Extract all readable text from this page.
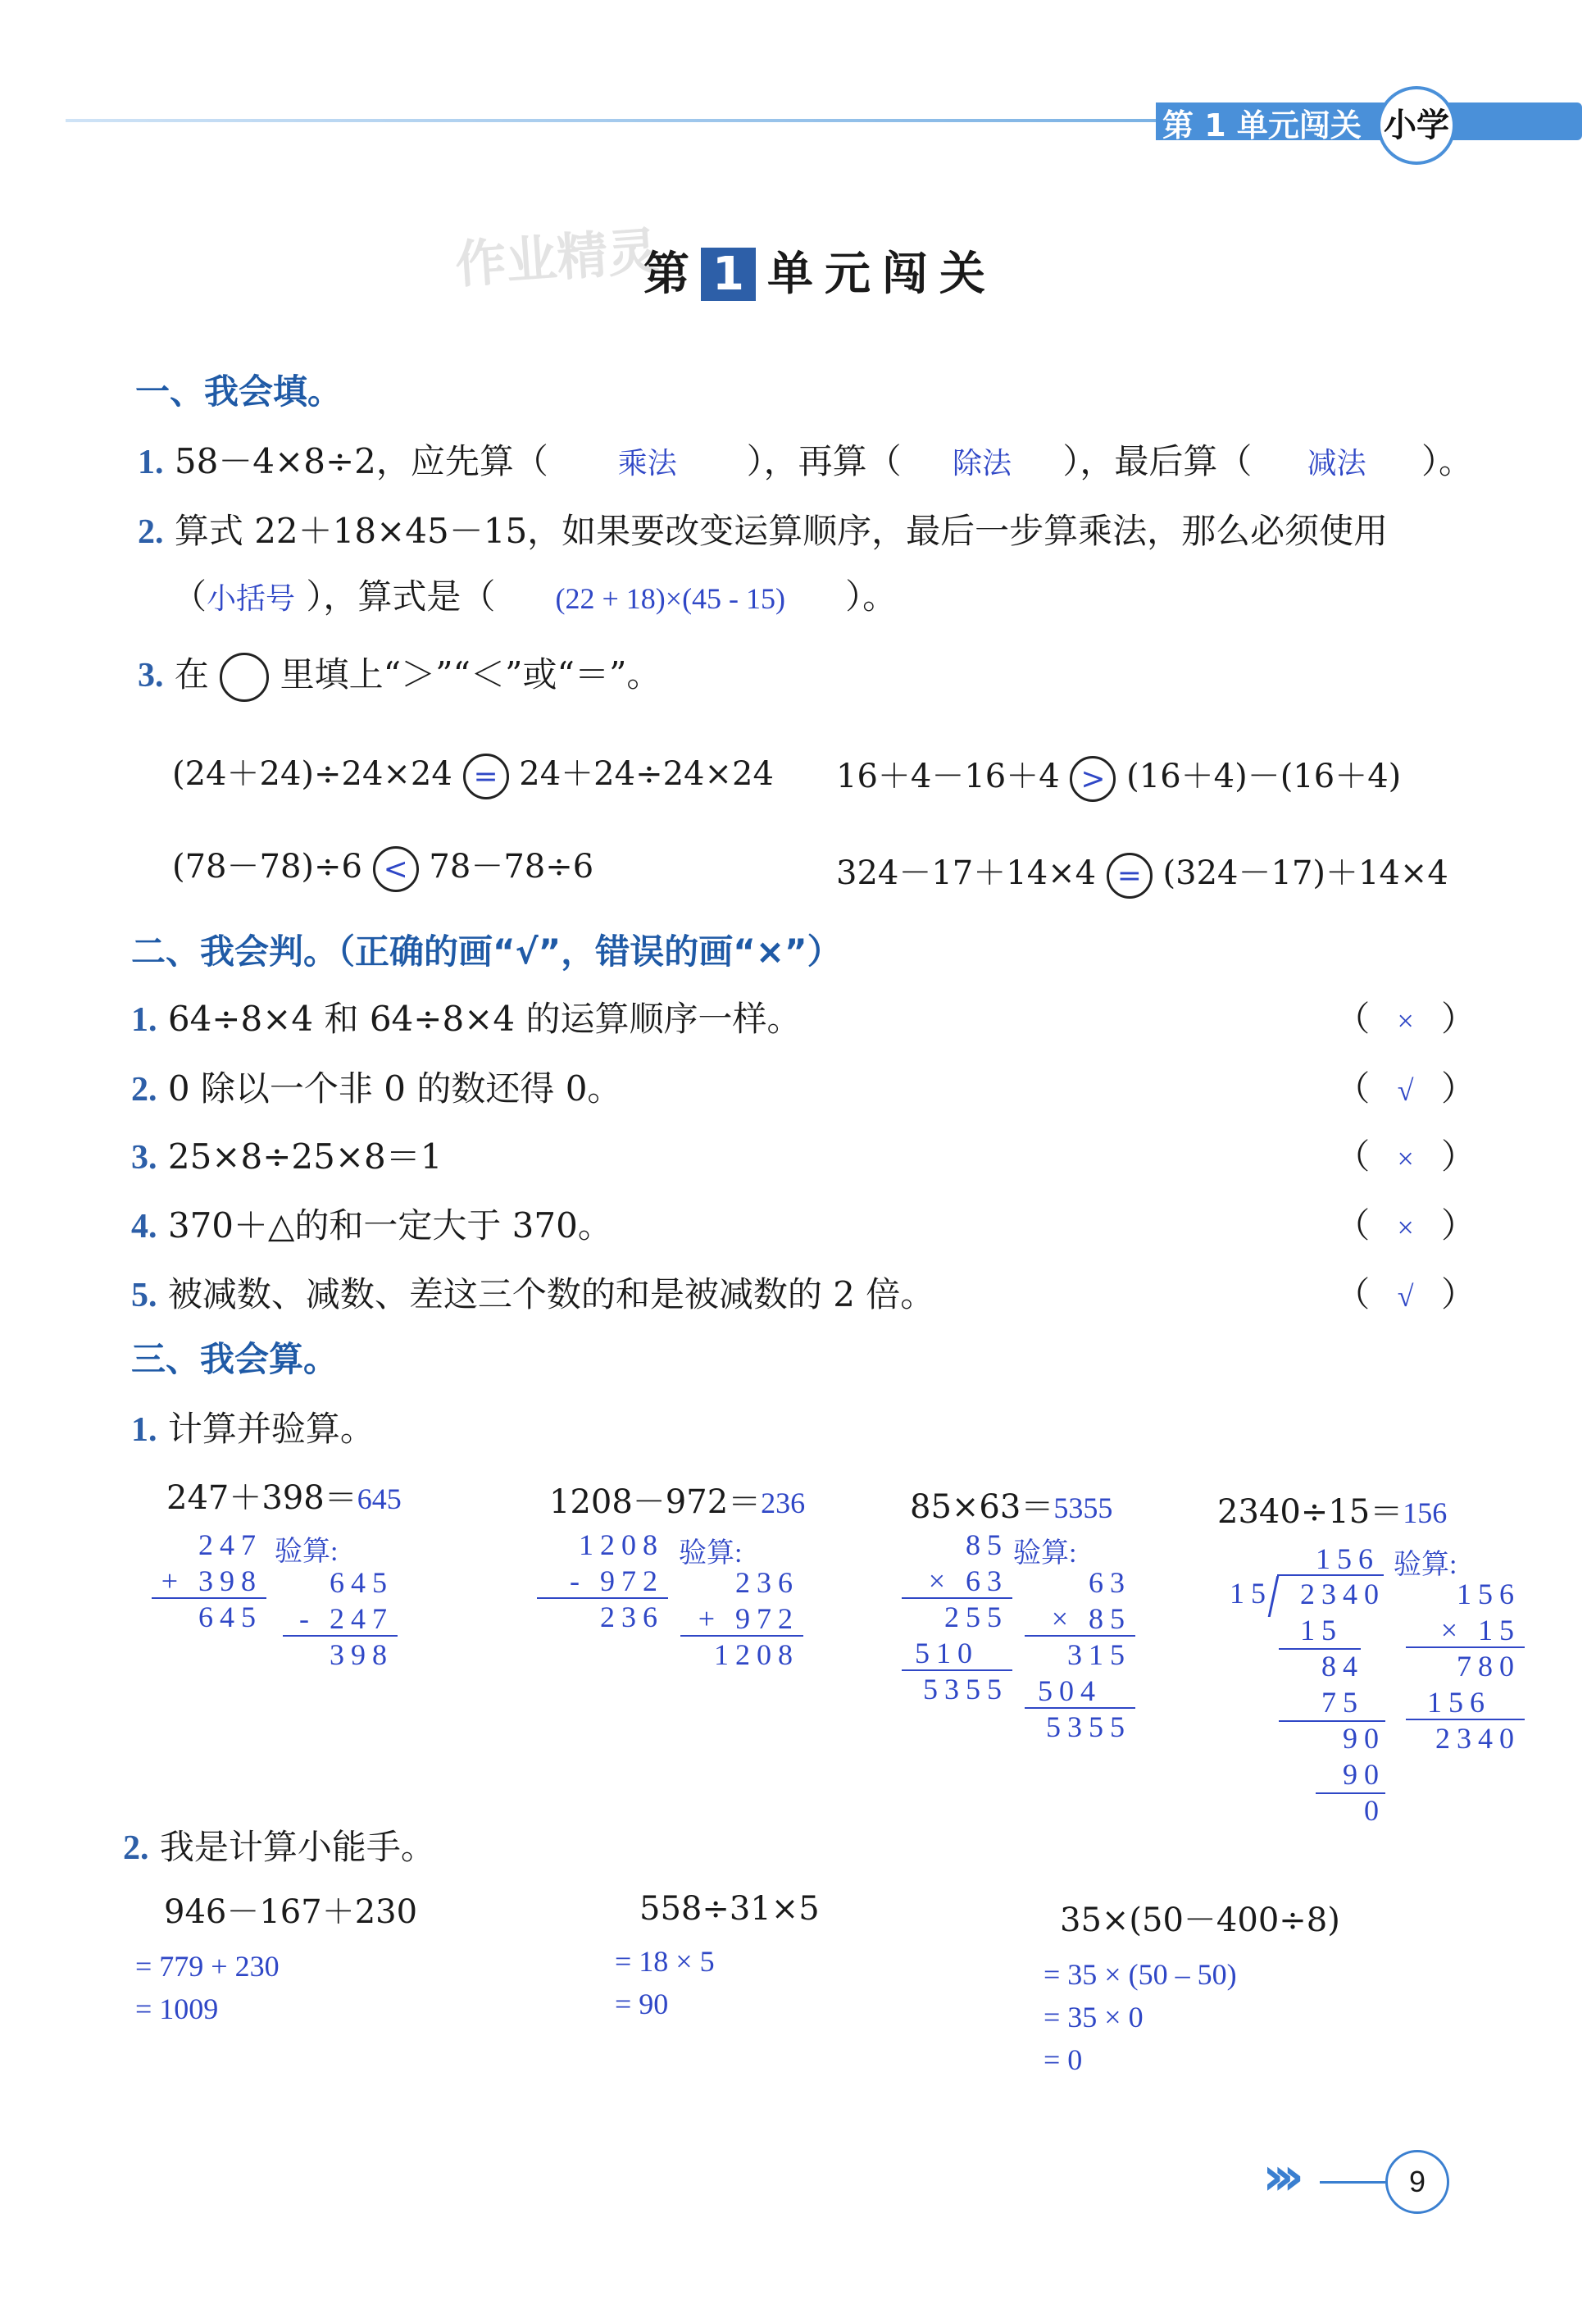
第 1 单元闯关 小学
作业精灵
第 1 单元闯关
一、我会填。
1. 58－4×8÷2，应先算（ 乘法 ），再算（ 除法 ），最后算（ 减法 ）。
2. 算式 22＋18×45－15，如果要改变运算顺序，最后一步算乘法，那么必须使用
（小括号 ），算式是（ (22 + 18)×(45 - 15) ）。
3. 在 里填上“＞”“＜”或“＝”。
(24＋24)÷24×24 = 24＋24÷24×24 16＋4－16＋4 > (16＋4)－(16＋4)
(78－78)÷6 < 78－78÷6	324－17＋14×4 = (324－17)＋14×4
二、我会判。（正确的画“√”，错误的画“×”）
1. 64÷8×4 和 64÷8×4 的运算顺序一样。	（ × ）
2. 0 除以一个非 0 的数还得 0。	（ √ ）
3. 25×8÷25×8＝1	（ × ）
4. 370＋△的和一定大于 370。	（ × ）
5. 被减数、减数、差这三个数的和是被减数的 2 倍。	（ √ ）
三、我会算。
1. 计算并验算。
247＋398＝645	1208－972＝236	85×63＝5355	2340÷15＝156
验算:	验算:	验算:	验算:
247
+ 398
645
645
- 247
398
1208
- 972
236
236
+ 972
1208
85
× 63
255
510
5355
63
× 85
315
504
5355
156
15 2340
15
84
75
90
90
0
156
× 15
780
156
2340
2. 我是计算小能手。
946－167＋230
= 779 + 230
= 1009
558÷31×5
= 18 × 5
= 90
35×(50－400÷8)
= 35 × (50 – 50)
= 35 × 0
= 0
›››	9
